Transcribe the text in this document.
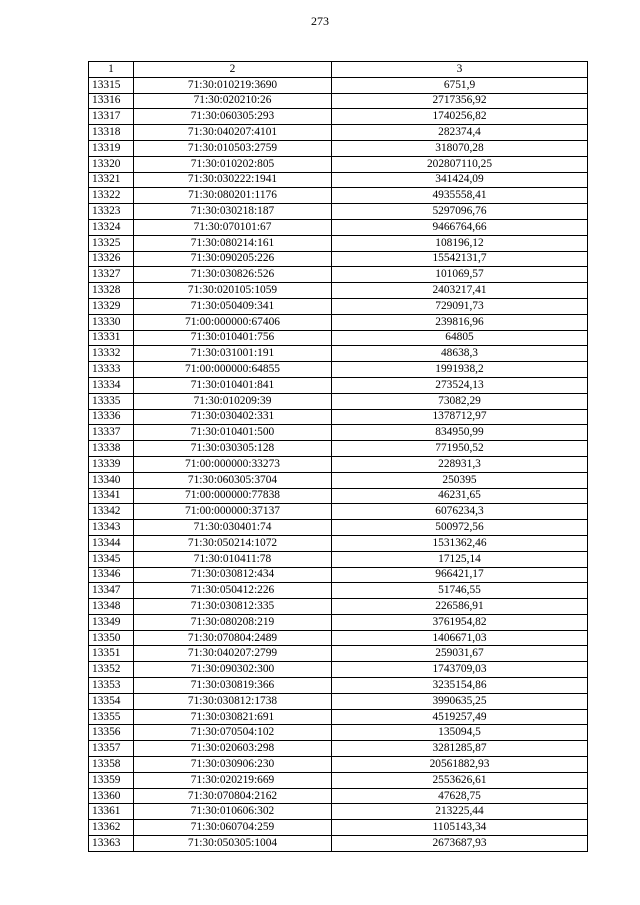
273
1	2	3
13315	71:30:010219:3690	6751,9
13316	71:30:020210:26	2717356,92
13317	71:30:060305:293	1740256,82
13318	71:30:040207:4101	282374,4
13319	71:30:010503:2759	318070,28
13320	71:30:010202:805	202807110,25
13321	71:30:030222:1941	341424,09
13322	71:30:080201:1176	4935558,41
13323	71:30:030218:187	5297096,76
13324	71:30:070101:67	9466764,66
13325	71:30:080214:161	108196,12
13326	71:30:090205:226	15542131,7
13327	71:30:030826:526	101069,57
13328	71:30:020105:1059	2403217,41
13329	71:30:050409:341	729091,73
13330	71:00:000000:67406	239816,96
13331	71:30:010401:756	64805
13332	71:30:031001:191	48638,3
13333	71:00:000000:64855	1991938,2
13334	71:30:010401:841	273524,13
13335	71:30:010209:39	73082,29
13336	71:30:030402:331	1378712,97
13337	71:30:010401:500	834950,99
13338	71:30:030305:128	771950,52
13339	71:00:000000:33273	228931,3
13340	71:30:060305:3704	250395
13341	71:00:000000:77838	46231,65
13342	71:00:000000:37137	6076234,3
13343	71:30:030401:74	500972,56
13344	71:30:050214:1072	1531362,46
13345	71:30:010411:78	17125,14
13346	71:30:030812:434	966421,17
13347	71:30:050412:226	51746,55
13348	71:30:030812:335	226586,91
13349	71:30:080208:219	3761954,82
13350	71:30:070804:2489	1406671,03
13351	71:30:040207:2799	259031,67
13352	71:30:090302:300	1743709,03
13353	71:30:030819:366	3235154,86
13354	71:30:030812:1738	3990635,25
13355	71:30:030821:691	4519257,49
13356	71:30:070504:102	135094,5
13357	71:30:020603:298	3281285,87
13358	71:30:030906:230	20561882,93
13359	71:30:020219:669	2553626,61
13360	71:30:070804:2162	47628,75
13361	71:30:010606:302	213225,44
13362	71:30:060704:259	1105143,34
13363	71:30:050305:1004	2673687,93
